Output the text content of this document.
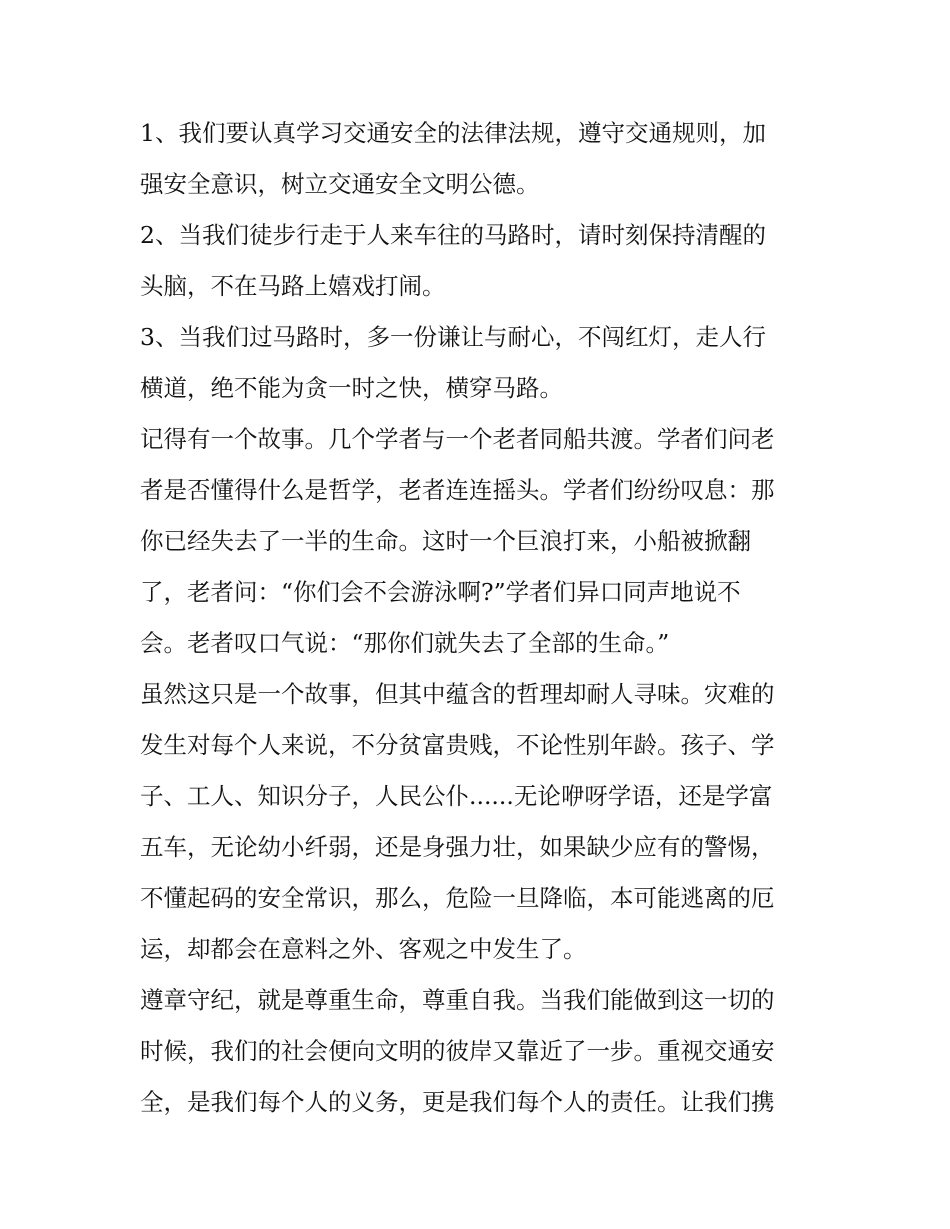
1、我们要认真学习交通安全的法律法规，遵守交通规则，加
强安全意识，树立交通安全文明公德。
2、当我们徒步行走于人来车往的马路时，请时刻保持清醒的
头脑，不在马路上嬉戏打闹。
3、当我们过马路时，多一份谦让与耐心，不闯红灯，走人行
横道，绝不能为贪一时之快，横穿马路。
记得有一个故事。几个学者与一个老者同船共渡。学者们问老
者是否懂得什么是哲学，老者连连摇头。学者们纷纷叹息：那
你已经失去了一半的生命。这时一个巨浪打来，小船被掀翻
了，老者问：“你们会不会游泳啊?”学者们异口同声地说不
会。老者叹口气说：“那你们就失去了全部的生命。”
虽然这只是一个故事，但其中蕴含的哲理却耐人寻味。灾难的
发生对每个人来说，不分贫富贵贱，不论性别年龄。孩子、学
子、工人、知识分子，人民公仆......无论咿呀学语，还是学富
五车，无论幼小纤弱，还是身强力壮，如果缺少应有的警惕，
不懂起码的安全常识，那么，危险一旦降临，本可能逃离的厄
运，却都会在意料之外、客观之中发生了。
遵章守纪，就是尊重生命，尊重自我。当我们能做到这一切的
时候，我们的社会便向文明的彼岸又靠近了一步。重视交通安
全，是我们每个人的义务，更是我们每个人的责任。让我们携
